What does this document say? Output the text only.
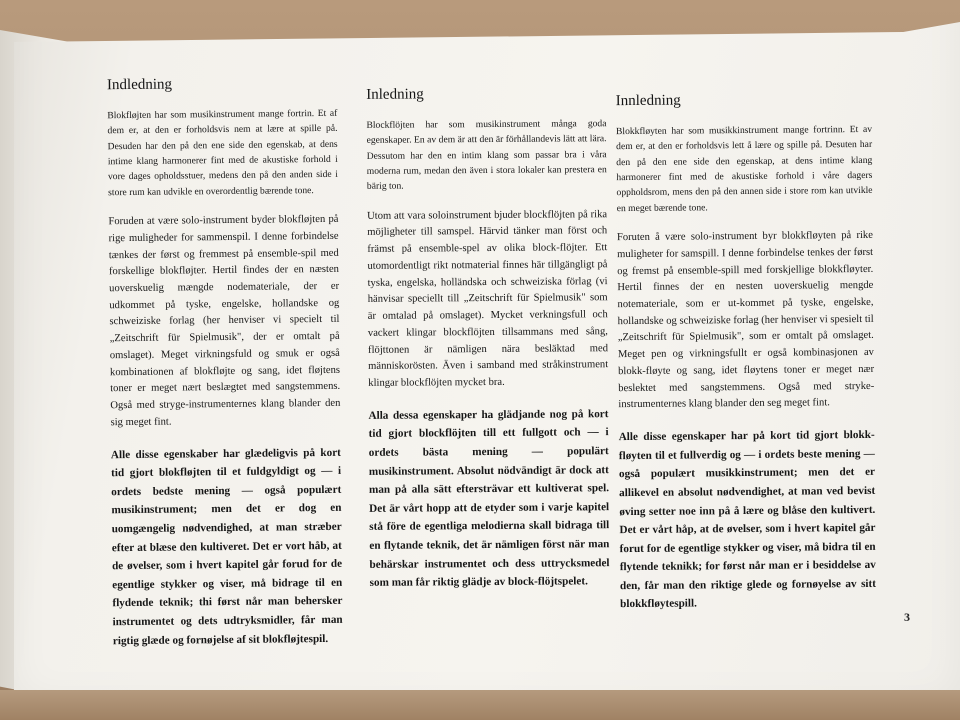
Indledning

Blokfløjten har som musikinstrument mange fortrin. Et af dem er, at den er forholdsvis nem at lære at spille på. Desuden har den på den ene side den egenskab, at dens intime klang harmonerer fint med de akustiske forhold i vore dages opholdsstuer, medens den på den anden side i store rum kan udvikle en overordentlig bærende tone.

Foruden at være solo-instrument byder blokfløjten på rige muligheder for sammenspil. I denne forbindelse tænkes der først og fremmest på ensemble-spil med forskellige blokfløjter. Hertil findes der en næsten uoverskuelig mængde nodemateriale, der er udkommet på tyske, engelske, hollandske og schweiziske forlag (her henviser vi specielt til „Zeitschrift für Spielmusik", der er omtalt på omslaget). Meget virkningsfuld og smuk er også kombinationen af blokfløjte og sang, idet fløjtens toner er meget nært beslægtet med sangstemmens. Også med stryge-instrumenternes klang blander den sig meget fint.

Alle disse egenskaber har glædeligvis på kort tid gjort blokfløjten til et fuldgyldigt og — i ordets bedste mening — også populært musikinstrument; men det er dog en uomgængelig nødvendighed, at man stræber efter at blæse den kultiveret. Det er vort håb, at de øvelser, som i hvert kapitel går forud for de egentlige stykker og viser, må bidrage til en flydende teknik; thi først når man behersker instrumentet og dets udtryksmidler, får man rigtig glæde og fornøjelse af sit blokfløjtespil.

Inledning

Blockflöjten har som musikinstrument många goda egenskaper. En av dem är att den är förhållandevis lätt att lära. Dessutom har den en intim klang som passar bra i våra moderna rum, medan den även i stora lokaler kan prestera en bärig ton.

Utom att vara soloinstrument bjuder blockflöjten på rika möjligheter till samspel. Härvid tänker man först och främst på ensemble-spel av olika block-flöjter. Ett utomordentligt rikt notmaterial finnes här tillgängligt på tyska, engelska, holländska och schweiziska förlag (vi hänvisar speciellt till „Zeitschrift für Spielmusik" som är omtalad på omslaget). Mycket verkningsfull och vackert klingar blockflöjten tillsammans med sång, flöjttonen är nämligen nära besläktad med människorösten. Även i samband med stråkinstrument klingar blockflöjten mycket bra.

Alla dessa egenskaper ha glädjande nog på kort tid gjort blockflöjten till ett fullgott och — i ordets bästa mening — populärt musikinstrument. Absolut nödvändigt är dock att man på alla sätt eftersträvar ett kultiverat spel. Det är vårt hopp att de etyder som i varje kapitel stå före de egentliga melodierna skall bidraga till en flytande teknik, det är nämligen först när man behärskar instrumentet och dess uttrycksmedel som man får riktig glädje av block-flöjtspelet.

Innledning

Blokkfløyten har som musikkinstrument mange fortrinn. Et av dem er, at den er forholdsvis lett å lære og spille på. Desuten har den på den ene side den egenskap, at dens intime klang harmonerer fint med de akustiske forhold i våre dagers oppholdsrom, mens den på den annen side i store rom kan utvikle en meget bærende tone.

Foruten å være solo-instrument byr blokkfløyten på rike muligheter for samspill. I denne forbindelse tenkes der først og fremst på ensemble-spill med forskjellige blokkfløyter. Hertil finnes der en nesten uoverskuelig mengde notemateriale, som er ut-kommet på tyske, engelske, hollandske og schweiziske forlag (her henviser vi spesielt til „Zeitschrift für Spielmusik", som er omtalt på omslaget. Meget pen og virkningsfullt er også kombinasjonen av blokk-fløyte og sang, idet fløytens toner er meget nær beslektet med sangstemmens. Også med stryke-instrumenternes klang blander den seg meget fint.

Alle disse egenskaper har på kort tid gjort blokk-fløyten til et fullverdig og — i ordets beste mening — også populært musikkinstrument; men det er allikevel en absolut nødvendighet, at man ved bevist øving setter noe inn på å lære og blåse den kultivert. Det er vårt håp, at de øvelser, som i hvert kapitel går forut for de egentlige stykker og viser, må bidra til en flytende teknikk; for først når man er i besiddelse av den, får man den riktige glede og fornøyelse av sitt blokkfløytespill.

3
